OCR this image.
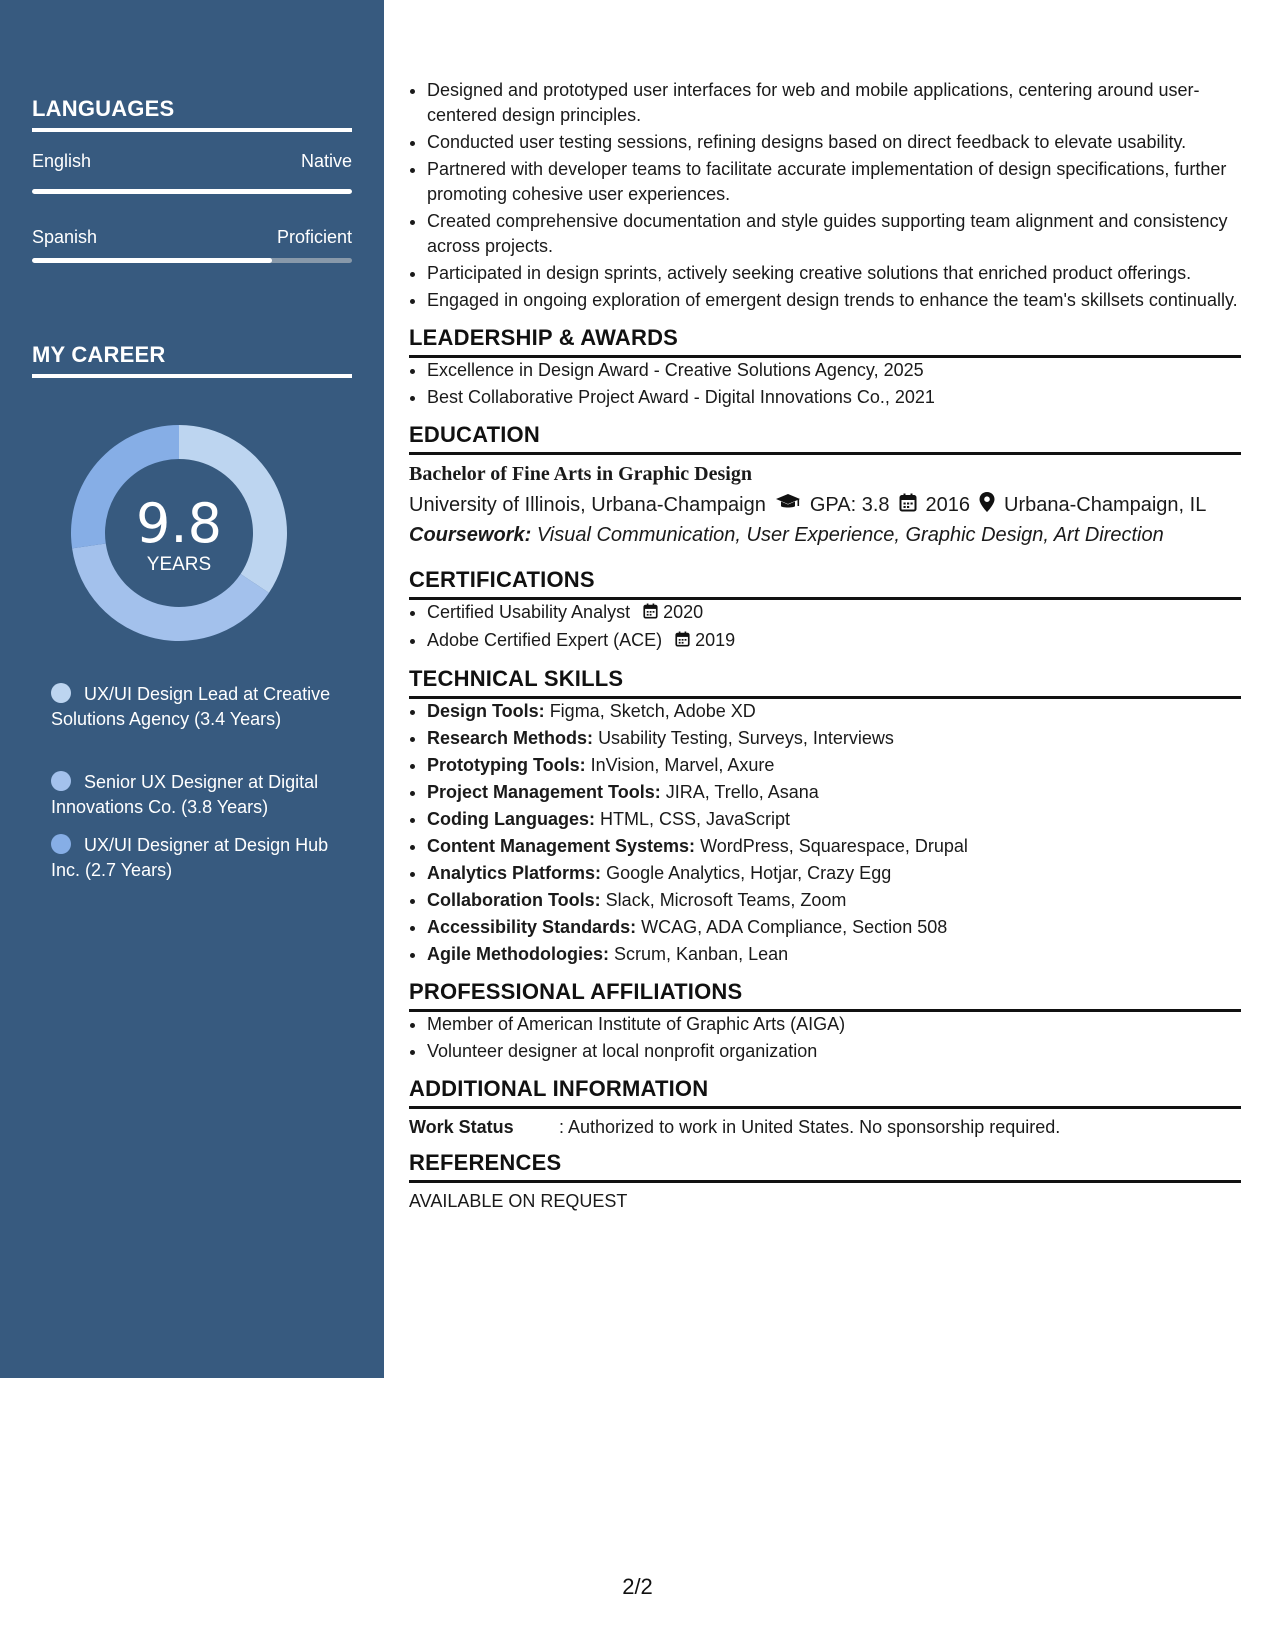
LANGUAGES
English	Native
Spanish	Proficient
MY CAREER
9.8
YEARS
UX/UI Design Lead at Creative Solutions Agency (3.4 Years)
Senior UX Designer at Digital Innovations Co. (3.8 Years)
UX/UI Designer at Design Hub Inc. (2.7 Years)
• Designed and prototyped user interfaces for web and mobile applications, centering around user-centered design principles.
• Conducted user testing sessions, refining designs based on direct feedback to elevate usability.
• Partnered with developer teams to facilitate accurate implementation of design specifications, further promoting cohesive user experiences.
• Created comprehensive documentation and style guides supporting team alignment and consistency across projects.
• Participated in design sprints, actively seeking creative solutions that enriched product offerings.
• Engaged in ongoing exploration of emergent design trends to enhance the team's skillsets continually.
LEADERSHIP & AWARDS
• Excellence in Design Award - Creative Solutions Agency, 2025
• Best Collaborative Project Award - Digital Innovations Co., 2021
EDUCATION
Bachelor of Fine Arts in Graphic Design
University of Illinois, Urbana-Champaign GPA: 3.8 2016 Urbana-Champaign, IL
Coursework: Visual Communication, User Experience, Graphic Design, Art Direction
CERTIFICATIONS
• Certified Usability Analyst 2020
• Adobe Certified Expert (ACE) 2019
TECHNICAL SKILLS
• Design Tools: Figma, Sketch, Adobe XD
• Research Methods: Usability Testing, Surveys, Interviews
• Prototyping Tools: InVision, Marvel, Axure
• Project Management Tools: JIRA, Trello, Asana
• Coding Languages: HTML, CSS, JavaScript
• Content Management Systems: WordPress, Squarespace, Drupal
• Analytics Platforms: Google Analytics, Hotjar, Crazy Egg
• Collaboration Tools: Slack, Microsoft Teams, Zoom
• Accessibility Standards: WCAG, ADA Compliance, Section 508
• Agile Methodologies: Scrum, Kanban, Lean
PROFESSIONAL AFFILIATIONS
• Member of American Institute of Graphic Arts (AIGA)
• Volunteer designer at local nonprofit organization
ADDITIONAL INFORMATION
Work Status	: Authorized to work in United States. No sponsorship required.
REFERENCES
AVAILABLE ON REQUEST
2/2
